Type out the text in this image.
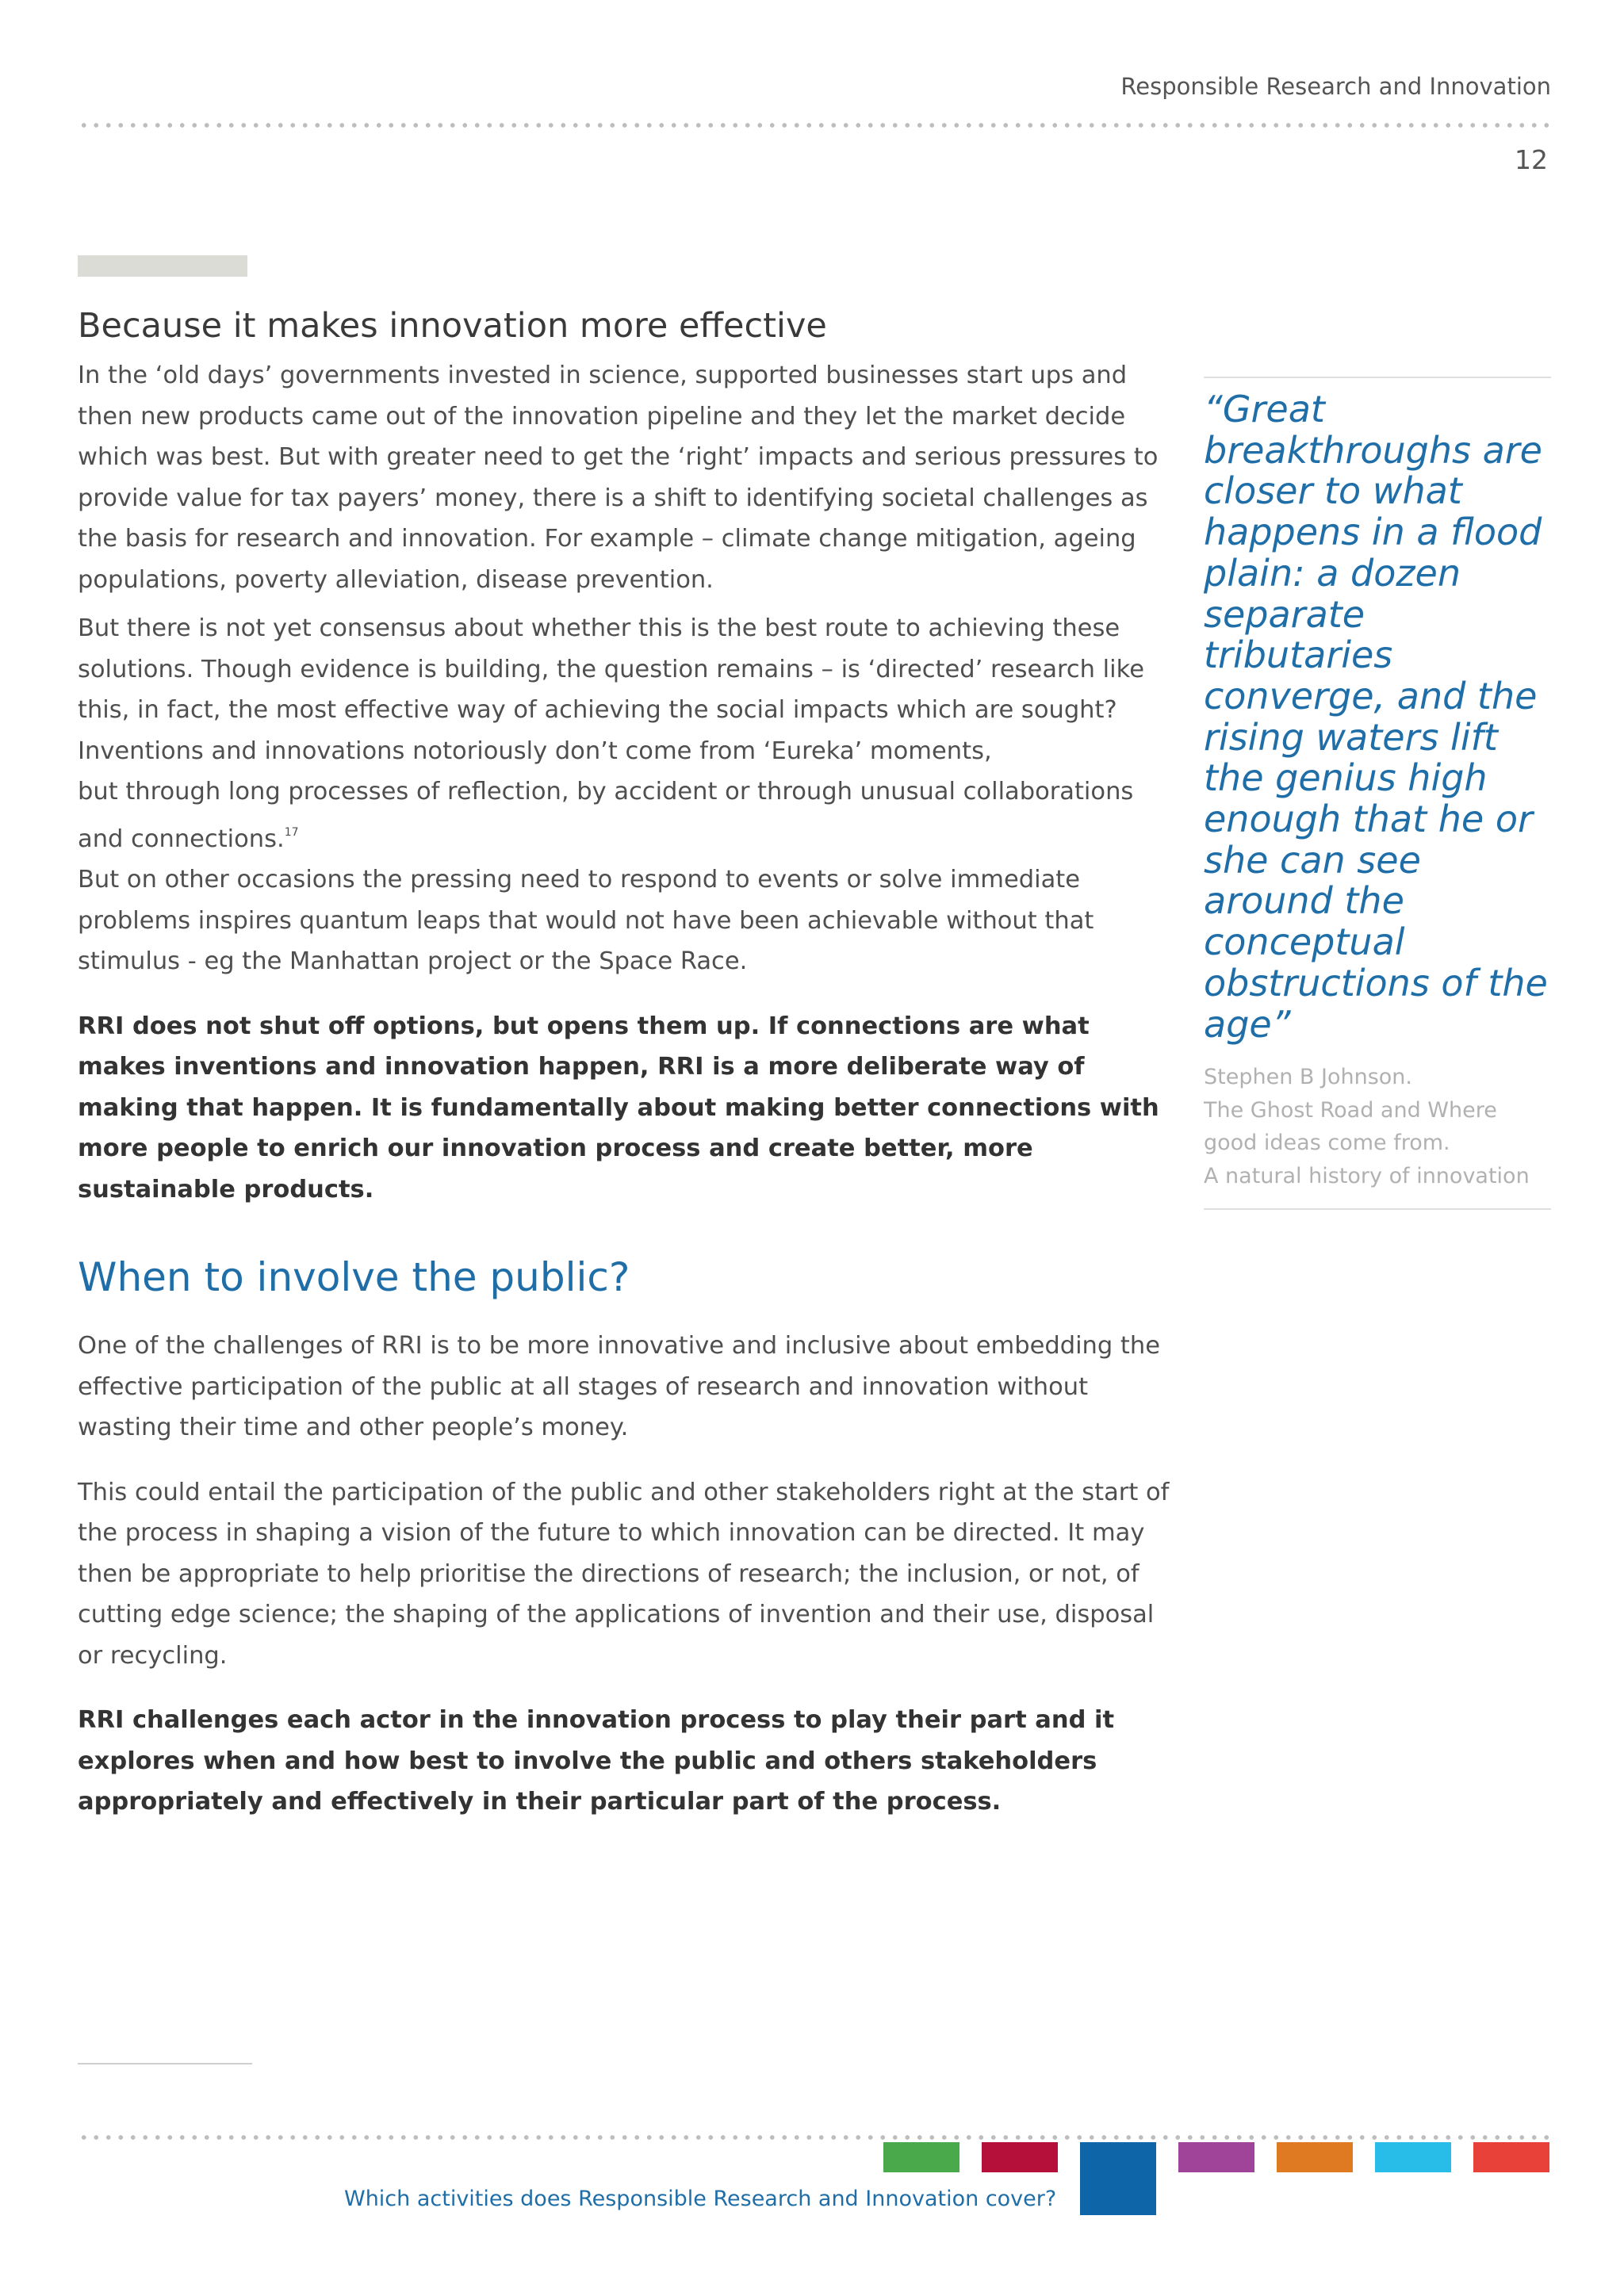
Responsible Research and Innovation
12
Because it makes innovation more effective

In the ‘old days’ governments invested in science, supported businesses start ups and then new products came out of the innovation pipeline and they let the market decide which was best. But with greater need to get the ‘right’ impacts and serious pressures to provide value for tax payers’ money, there is a shift to identifying societal challenges as the basis for research and innovation. For example – climate change mitigation, ageing populations, poverty alleviation, disease prevention.

But there is not yet consensus about whether this is the best route to achieving these
solutions. Though evidence is building, the question remains – is ‘directed’ research like
this, in fact, the most effective way of achieving the social impacts which are sought?
Inventions and innovations notoriously don’t come from ‘Eureka’ moments,
but through long processes of reflection, by accident or through unusual collaborations
and connections.$^{17}$

But on other occasions the pressing need to respond to events or solve immediate problems inspires quantum leaps that would not have been achievable without that stimulus - eg the Manhattan project or the Space Race.

RRI does not shut off options, but opens them up. If connections are what makes inventions and innovation happen, RRI is a more deliberate way of making that happen. It is fundamentally about making better connections with more people to enrich our innovation process and create better, more sustainable products.

When to involve the public?

One of the challenges of RRI is to be more innovative and inclusive about embedding the effective participation of the public at all stages of research and innovation without wasting their time and other people’s money.

This could entail the participation of the public and other stakeholders right at the start of the process in shaping a vision of the future to which innovation can be directed. It may then be appropriate to help prioritise the directions of research; the inclusion, or not, of cutting edge science; the shaping of the applications of invention and their use, disposal or recycling.

RRI challenges each actor in the innovation process to play their part and it explores when and how best to involve the public and others stakeholders appropriately and effectively in their particular part of the process.

“Great breakthroughs are closer to what happens in a flood plain: a dozen separate tributaries converge, and the rising waters lift the genius high enough that he or she can see around the conceptual obstructions of the age”
Stephen B Johnson.
The Ghost Road and Where
good ideas come from.
A natural history of innovation
Which activities does Responsible Research and Innovation cover?
